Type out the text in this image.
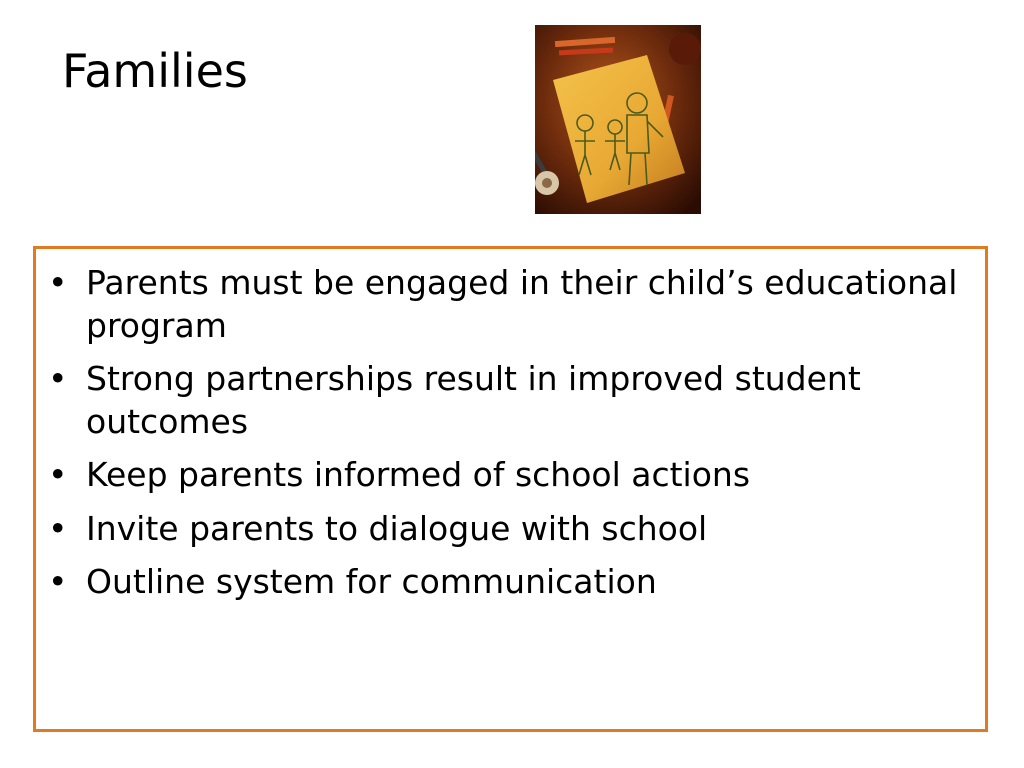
Families
• Parents must be engaged in their child’s educational program
• Strong partnerships result in improved student outcomes
• Keep parents informed of school actions
• Invite parents to dialogue with school
• Outline system for communication
